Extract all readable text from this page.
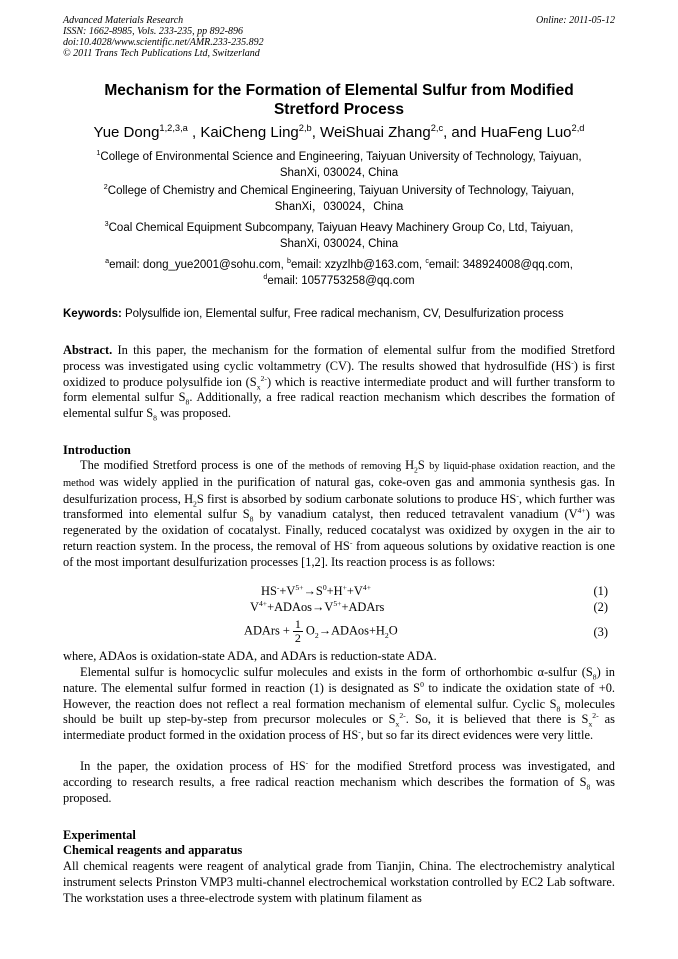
Advanced Materials Research
ISSN: 1662-8985, Vols. 233-235, pp 892-896
doi:10.4028/www.scientific.net/AMR.233-235.892
© 2011 Trans Tech Publications Ltd, Switzerland
Online: 2011-05-12
Mechanism for the Formation of Elemental Sulfur from Modified
Stretford Process
Yue Dong$^{1,2,3,a}$ , KaiCheng Ling$^{2,b}$, WeiShuai Zhang$^{2,c}$, and HuaFeng Luo$^{2,d}$
$^1$College of Environmental Science and Engineering, Taiyuan University of Technology, Taiyuan,
ShanXi, 030024, China
$^2$College of Chemistry and Chemical Engineering, Taiyuan University of Technology, Taiyuan,
ShanXi，030024，China
$^3$Coal Chemical Equipment Subcompany, Taiyuan Heavy Machinery Group Co, Ltd, Taiyuan,
ShanXi, 030024, China
$^a$email: dong_yue2001@sohu.com, $^b$email: xzyzlhb@163.com, $^c$email: 348924008@qq.com,
$^d$email: 1057753258@qq.com
Keywords: Polysulfide ion, Elemental sulfur, Free radical mechanism, CV, Desulfurization process
Abstract. In this paper, the mechanism for the formation of elemental sulfur from the modified Stretford process was investigated using cyclic voltammetry (CV). The results showed that hydrosulfide (HS-) is first oxidized to produce polysulfide ion $(S_x^{2-})$ which is reactive intermediate product and will further transform to form elemental sulfur $S_8$. Additionally, a free radical reaction mechanism which describes the formation of elemental sulfur $S_8$ was proposed.
Introduction
The modified Stretford process is one of the methods of removing $H_2S$ by liquid-phase oxidation reaction, and the method was widely applied in the purification of natural gas, coke-oven gas and ammonia synthesis gas. In desulfurization process, $H_2S$ first is absorbed by sodium carbonate solutions to produce HS-, which further was transformed into elemental sulfur $S_8$ by vanadium catalyst, then reduced tetravalent vanadium $(V^{4+})$ was regenerated by the oxidation of cocatalyst. Finally, reduced cocatalyst was oxidized by oxygen in the air to return reaction system. In the process, the removal of HS- from aqueous solutions by oxidative reaction is one of the most important desulfurization processes [1,2]. Its reaction process is as follows:
$HS^-+V^{5+}\to S^0+H^++V^{4+}$	(1)
$V^{4+}+ADAos\to V^{5+}+ADArs$	(2)
ADArs + $\frac{1}{2}$ $O_2\to ADAos+H_2O$	(3)
where, ADAos is oxidation-state ADA, and ADArs is reduction-state ADA.
Elemental sulfur is homocyclic sulfur molecules and exists in the form of orthorhombic α-sulfur $(S_8)$ in nature. The elemental sulfur formed in reaction (1) is designated as $S^0$ to indicate the oxidation state of +0. However, the reaction does not reflect a real formation mechanism of elemental sulfur. Cyclic $S_8$ molecules should be built up step-by-step from precursor molecules or $S_x^{2-}$. So, it is believed that there is $S_x^{2-}$ as intermediate product formed in the oxidation process of HS-, but so far its direct evidences were very little.
In the paper, the oxidation process of HS- for the modified Stretford process was investigated, and according to research results, a free radical reaction mechanism which describes the formation of $S_8$ was proposed.
Experimental
Chemical reagents and apparatus
All chemical reagents were reagent of analytical grade from Tianjin, China. The electrochemistry analytical instrument selects Prinston VMP3 multi-channel electrochemical workstation controlled by EC2 Lab software. The workstation uses a three-electrode system with platinum filament as
